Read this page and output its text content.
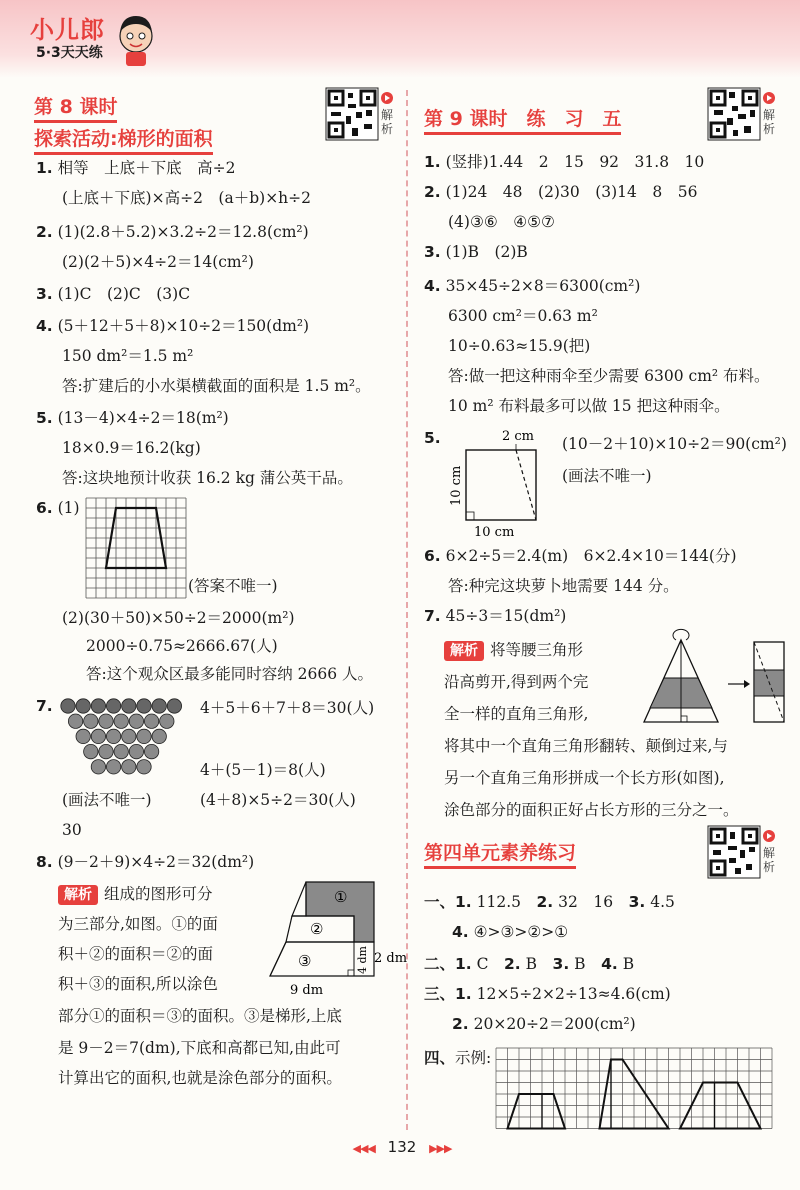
小儿郎
5·3天天练
解析
解析
解析
第 8 课时
探索活动:梯形的面积
1. 相等　上底＋下底　高÷2
(上底＋下底)×高÷2　(a＋b)×h÷2
2. (1)(2.8＋5.2)×3.2÷2＝12.8(cm²)
(2)(2＋5)×4÷2＝14(cm²)
3. (1)C　(2)C　(3)C
4. (5＋12＋5＋8)×10÷2＝150(dm²)
150 dm²＝1.5 m²
答:扩建后的小水渠横截面的面积是 1.5 m²。
5. (13－4)×4÷2＝18(m²)
18×0.9＝16.2(kg)
答:这块地预计收获 16.2 kg 蒲公英干品。
6. (1)
(答案不唯一)
(2)(30＋50)×50÷2＝2000(m²)
2000÷0.75≈2666.67(人)
答:这个观众区最多能同时容纳 2666 人。
7.	4＋5＋6＋7＋8＝30(人)
4＋(5－1)＝8(人)
(画法不唯一)	(4＋8)×5÷2＝30(人)
30
8. (9－2＋9)×4÷2＝32(dm²)
解析 组成的图形可分
为三部分,如图。①的面
积＋②的面积＝②的面
积＋③的面积,所以涂色
部分①的面积＝③的面积。③是梯形,上底
是 9－2＝7(dm),下底和高都已知,由此可
计算出它的面积,也就是涂色部分的面积。
①
②
③	4 dm 2 dm
9 dm
第 9 课时　练　习　五
1. (竖排)1.44　2　15　92　31.8　10
2. (1)24　48　(2)30　(3)14　8　56
(4)③⑥　④⑤⑦
3. (1)B　(2)B
4. 35×45÷2×8＝6300(cm²)
6300 cm²＝0.63 m²
10÷0.63≈15.9(把)
答:做一把这种雨伞至少需要 6300 cm² 布料。
10 m² 布料最多可以做 15 把这种雨伞。
5.	2 cm
10 cm
10 cm
(10－2＋10)×10÷2＝90(cm²)
(画法不唯一)
6. 6×2÷5＝2.4(m)　6×2.4×10＝144(分)
答:种完这块萝卜地需要 144 分。
7. 45÷3＝15(dm²)
解析 将等腰三角形
沿高剪开,得到两个完
全一样的直角三角形,
将其中一个直角三角形翻转、颠倒过来,与
另一个直角三角形拼成一个长方形(如图),
涂色部分的面积正好占长方形的三分之一。
第四单元素养练习
一、1. 112.5　 2. 32　16　 3. 4.5
4. ④>③>②>①
二、1. C　 2. B　 3. B　 4. B
三、1. 12×5÷2×2÷13≈4.6(cm)
2. 20×20÷2＝200(cm²)
四、示例:
◀◀◀ 132 ▶▶▶
